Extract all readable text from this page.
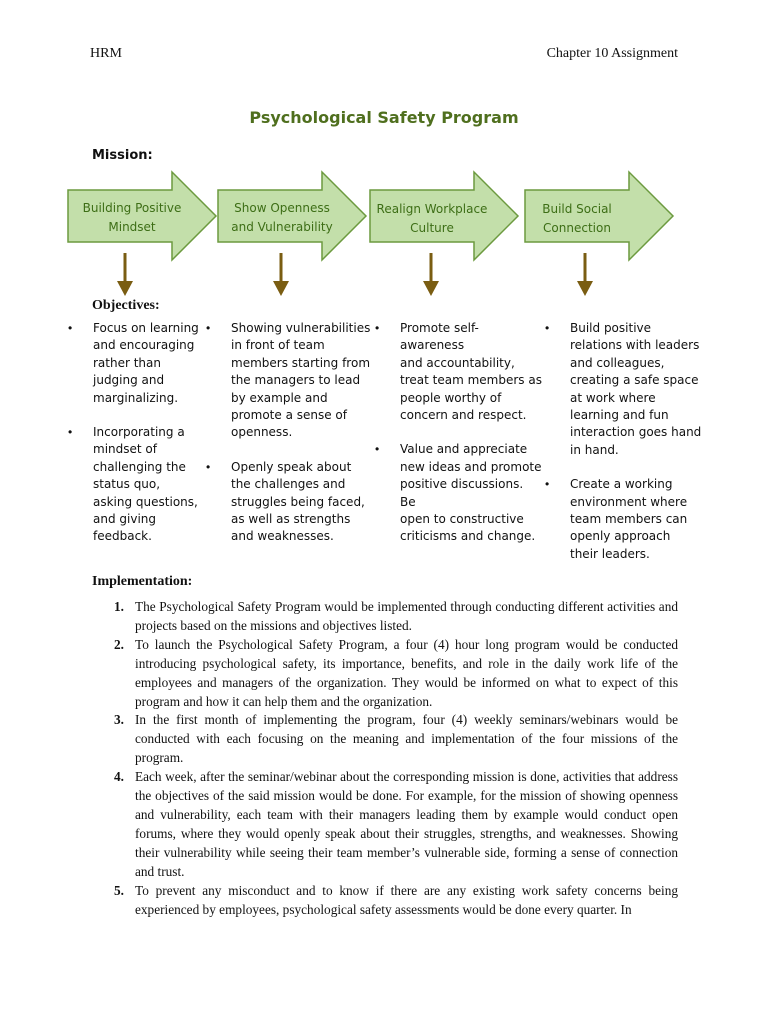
HRM	Chapter 10 Assignment
Psychological Safety Program
Mission:
Building Positive
Mindset
Show Openness
and Vulnerability
Realign Workplace
Culture
Build Social
Connection
Objectives:
• Focus on learning
and encouraging
rather than
judging and
marginalizing.
• Incorporating a
mindset of
challenging the
status quo,
asking questions,
and giving
feedback.
• Showing vulnerabilities
in front of team
members starting from
the managers to lead
by example and
promote a sense of
openness.
• Openly speak about
the challenges and
struggles being faced,
as well as strengths
and weaknesses.
• Promote self-awareness
and accountability,
treat team members as
people worthy of
concern and respect.
• Value and appreciate
new ideas and promote
positive discussions. Be
open to constructive
criticisms and change.
• Build positive
relations with leaders
and colleagues,
creating a safe space
at work where
learning and fun
interaction goes hand
in hand.
• Create a working
environment where
team members can
openly approach
their leaders.
Implementation:
1. The Psychological Safety Program would be implemented through conducting different activities and projects based on the missions and objectives listed.
2. To launch the Psychological Safety Program, a four (4) hour long program would be conducted introducing psychological safety, its importance, benefits, and role in the daily work life of the employees and managers of the organization. They would be informed on what to expect of this program and how it can help them and the organization.
3. In the first month of implementing the program, four (4) weekly seminars/webinars would be conducted with each focusing on the meaning and implementation of the four missions of the program.
4. Each week, after the seminar/webinar about the corresponding mission is done, activities that address the objectives of the said mission would be done. For example, for the mission of showing openness and vulnerability, each team with their managers leading them by example would conduct open forums, where they would openly speak about their struggles, strengths, and weaknesses. Showing their vulnerability while seeing their team member’s vulnerable side, forming a sense of connection and trust.
5. To prevent any misconduct and to know if there are any existing work safety concerns being experienced by employees, psychological safety assessments would be done every quarter. In
